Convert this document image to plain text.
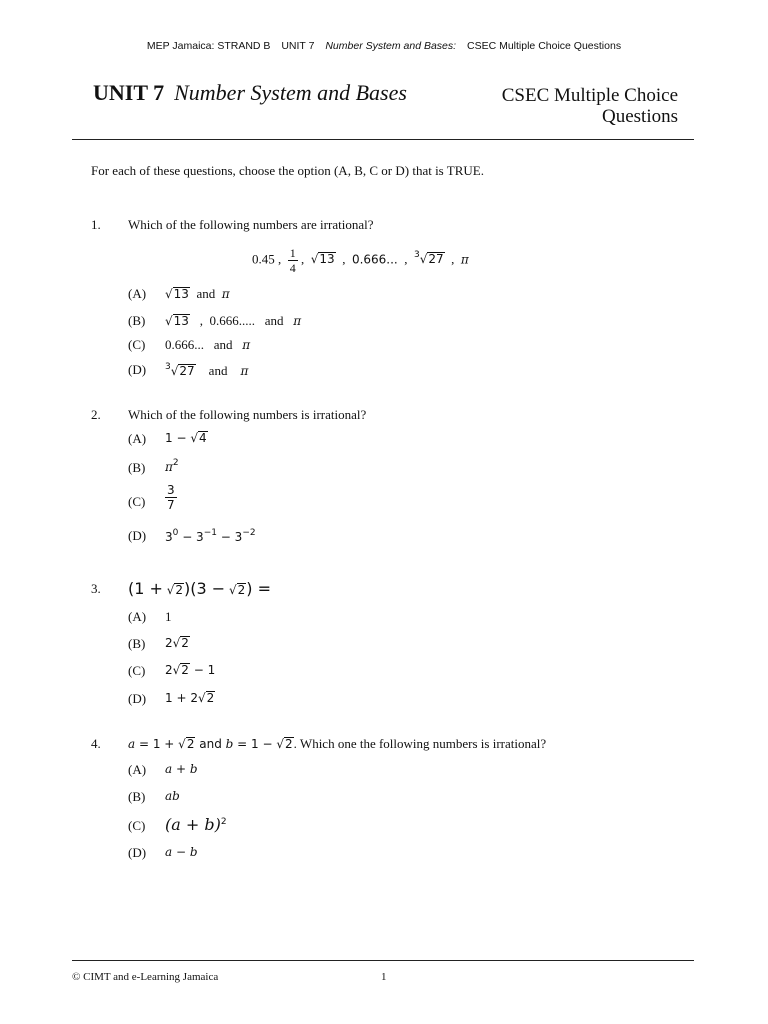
MEP Jamaica: STRAND B UNIT 7 Number System and Bases: CSEC Multiple Choice Questions
UNIT 7 Number System and Bases	CSEC Multiple Choice
Questions
For each of these questions, choose the option (A, B, C or D) that is TRUE.
1. Which of the following numbers are irrational?
0.45 , $\frac{1}{4}$ ,  √13  ,  0.666...  ,  $^3$√27  ,  π
(A) √13 and π
(B) √13   ,  0.666..... and π
(C) 0.666... and π
(D) $^3$√27 and π
2. Which of the following numbers is irrational?
(A) 1 − √4
(B) $\pi^2$
$(C) \frac{3}{7}$
(D) $3^0 - 3^{-1} - 3^{-2}$
3. (1 + √2)(3 − √2) =
(A) 1
(B) 2√2
(C) 2√2 − 1
(D) 1 + 2√2
4. a = 1 + √2 and b = 1 − √2. Which one the following numbers is irrational?
(A) a + b
(B) ab
(C) $(a + b)^2$
(D) a − b
© CIMT and e-Learning Jamaica	1
